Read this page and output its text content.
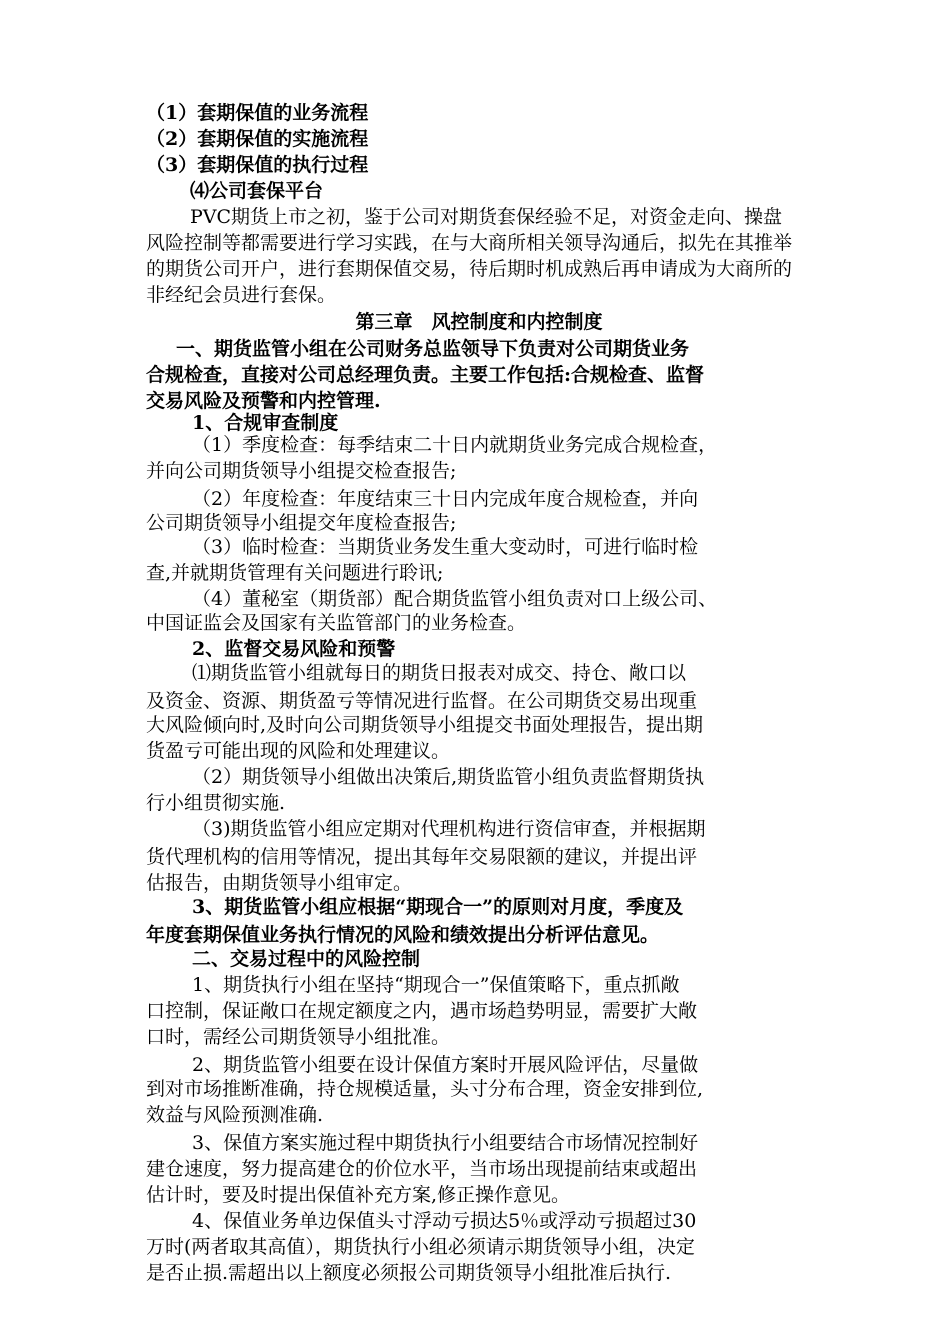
（1）套期保值的业务流程
（2）套期保值的实施流程
（3）套期保值的执行过程
⑷公司套保平台
PVC期货上市之初，鉴于公司对期货套保经验不足，对资金走向、操盘
风险控制等都需要进行学习实践，在与大商所相关领导沟通后，拟先在其推举
的期货公司开户，进行套期保值交易，待后期时机成熟后再申请成为大商所的
非经纪会员进行套保。
第三章　风控制度和内控制度
一、期货监管小组在公司财务总监领导下负责对公司期货业务
合规检查，直接对公司总经理负责。主要工作包括:合规检查、监督
交易风险及预警和内控管理.
1、合规审查制度
（1）季度检查：每季结束二十日内就期货业务完成合规检查，
并向公司期货领导小组提交检查报告;
（2）年度检查：年度结束三十日内完成年度合规检查，并向
公司期货领导小组提交年度检查报告;
（3）临时检查：当期货业务发生重大变动时，可进行临时检
查,并就期货管理有关问题进行聆讯;
（4）董秘室（期货部）配合期货监管小组负责对口上级公司、
中国证监会及国家有关监管部门的业务检查。
2、监督交易风险和预警
⑴期货监管小组就每日的期货日报表对成交、持仓、敞口以
及资金、资源、期货盈亏等情况进行监督。在公司期货交易出现重
大风险倾向时,及时向公司期货领导小组提交书面处理报告，提出期
货盈亏可能出现的风险和处理建议。
（2）期货领导小组做出决策后,期货监管小组负责监督期货执
行小组贯彻实施.
（3)期货监管小组应定期对代理机构进行资信审查，并根据期
货代理机构的信用等情况，提出其每年交易限额的建议，并提出评
估报告，由期货领导小组审定。
3、期货监管小组应根据“期现合一”的原则对月度，季度及
年度套期保值业务执行情况的风险和绩效提出分析评估意见。
二、交易过程中的风险控制
1、期货执行小组在坚持“期现合一”保值策略下，重点抓敞
口控制，保证敞口在规定额度之内，遇市场趋势明显，需要扩大敞
口时，需经公司期货领导小组批准。
2、期货监管小组要在设计保值方案时开展风险评估，尽量做
到对市场推断准确，持仓规模适量，头寸分布合理，资金安排到位,
效益与风险预测准确.
3、保值方案实施过程中期货执行小组要结合市场情况控制好
建仓速度，努力提高建仓的价位水平，当市场出现提前结束或超出
估计时，要及时提出保值补充方案,修正操作意见。
4、保值业务单边保值头寸浮动亏损达5％或浮动亏损超过30
万时(两者取其高值），期货执行小组必须请示期货领导小组，决定
是否止损.需超出以上额度必须报公司期货领导小组批准后执行.
